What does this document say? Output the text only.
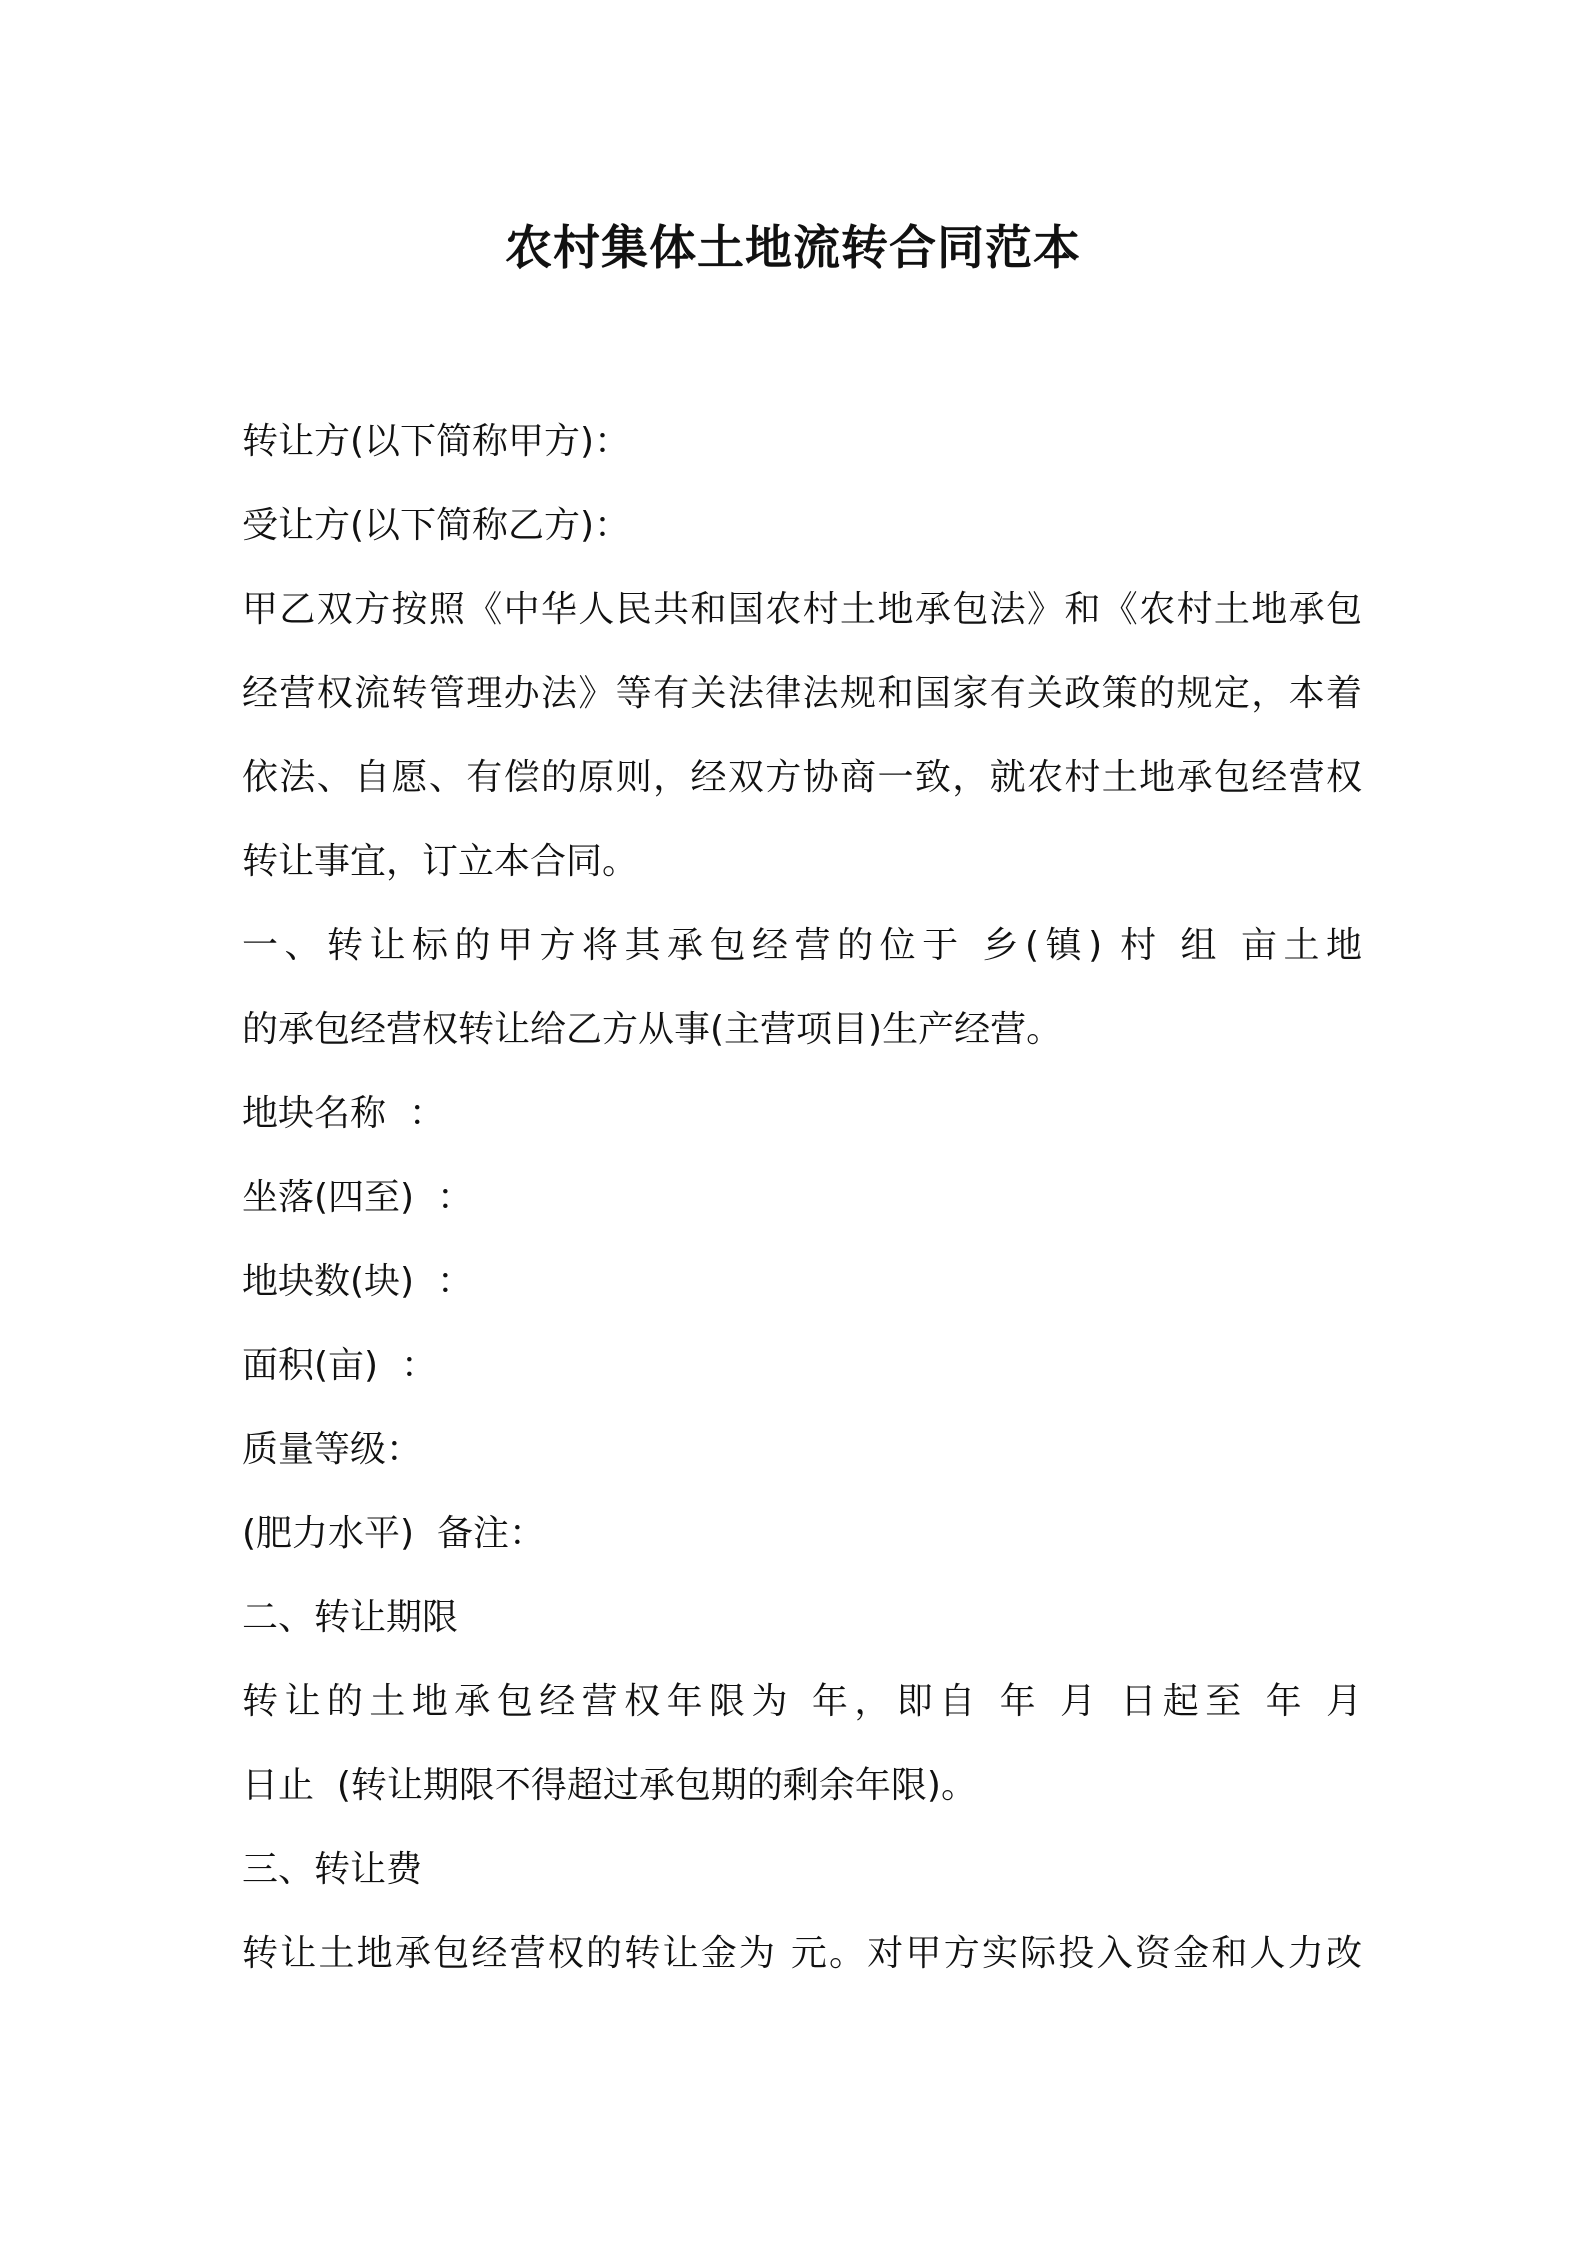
农村集体土地流转合同范本

转让方(以下简称甲方)：

受让方(以下简称乙方)：

甲乙双方按照《中华人民共和国农村土地承包法》和《农村土地承包

经营权流转管理办法》等有关法律法规和国家有关政策的规定，本着

依法、自愿、有偿的原则，经双方协商一致，就农村土地承包经营权

转让事宜，订立本合同。

一、转让标的甲方将其承包经营的位于 乡(镇) 村 组 亩土地

的承包经营权转让给乙方从事(主营项目)生产经营。

地块名称  ：

坐落(四至)  ：

地块数(块)  ：

面积(亩)  ：

质量等级：

(肥力水平)  备注：

二、转让期限

转让的土地承包经营权年限为 年，即自 年 月 日起至 年 月

日止  (转让期限不得超过承包期的剩余年限)。

三、转让费

转让土地承包经营权的转让金为 元。对甲方实际投入资金和人力改
